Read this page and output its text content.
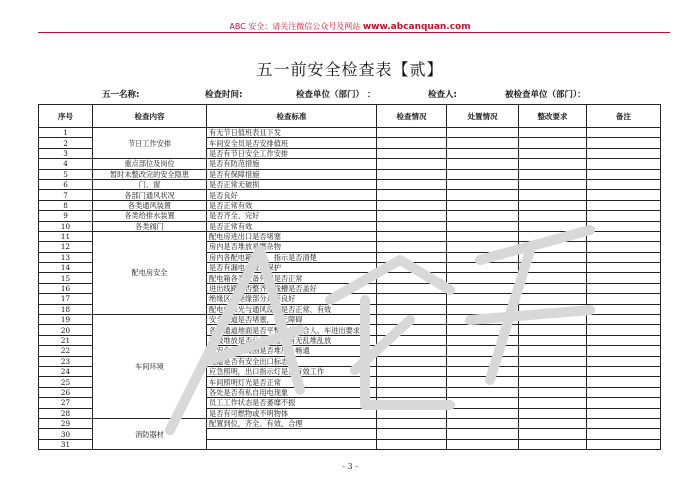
ABC 安全：请关注微信公众号及网站 www.abcanquan.com
五一前安全检查表【贰】
五一名称:	检查时间:	检查单位（部门） ：	检查人:	被检查单位（部门）：
序号	检查内容	检查标准	检查情况	处置情况	整改要求	备注
1	节日工作安排	有无节日值班表且下发				
2		车间安全员是否安排值班				
3		是否有节日安全工作安排				
4	重点部位及岗位	是否有防范措施				
5	暂时未整改完的安全隐患	是否有保障措施				
6	门、窗	是否正常无破损				
7	各部门通风状况	是否良好				
8	各类通风装置	是否正常有效				
9	各类给排水装置	是否齐全、完好				
10	各类阀门	是否正常有效				
11	配电房安全	配电房进出口是否堵塞				
12		房内是否堆放易燃杂物				
13		房内各配电箱标识、指示是否清楚				
14		是否有漏电或接地保护				
15		配电箱各类设备外观是否正常				
16		进出线路是否整齐，线槽是否盖好				
17		绝缘区域绝缘部分是否良好				
18		配电房采光与通风设备是否正常、有效				
19	车间环境	安全通道是否堵塞，有无障碍				
20		各类通道地面是否平整，并符合人、车进出要求				
21		垃圾堆放是否分类放置，有无乱堆乱放				
22		各安全出口周围是否堆压、畅通				
23		通道是否有安全出口标志				
24		应急照明，出口指示灯是否有效工作				
25		车间照明灯光是否正常				
26		各处是否有私自用电现象				
27		员工工作状态是否萎靡不振				
28		是否有可燃物或不明物体				
29	消防器材	配置到位，齐全、有效、合理				
30						
31						
- 3 -
